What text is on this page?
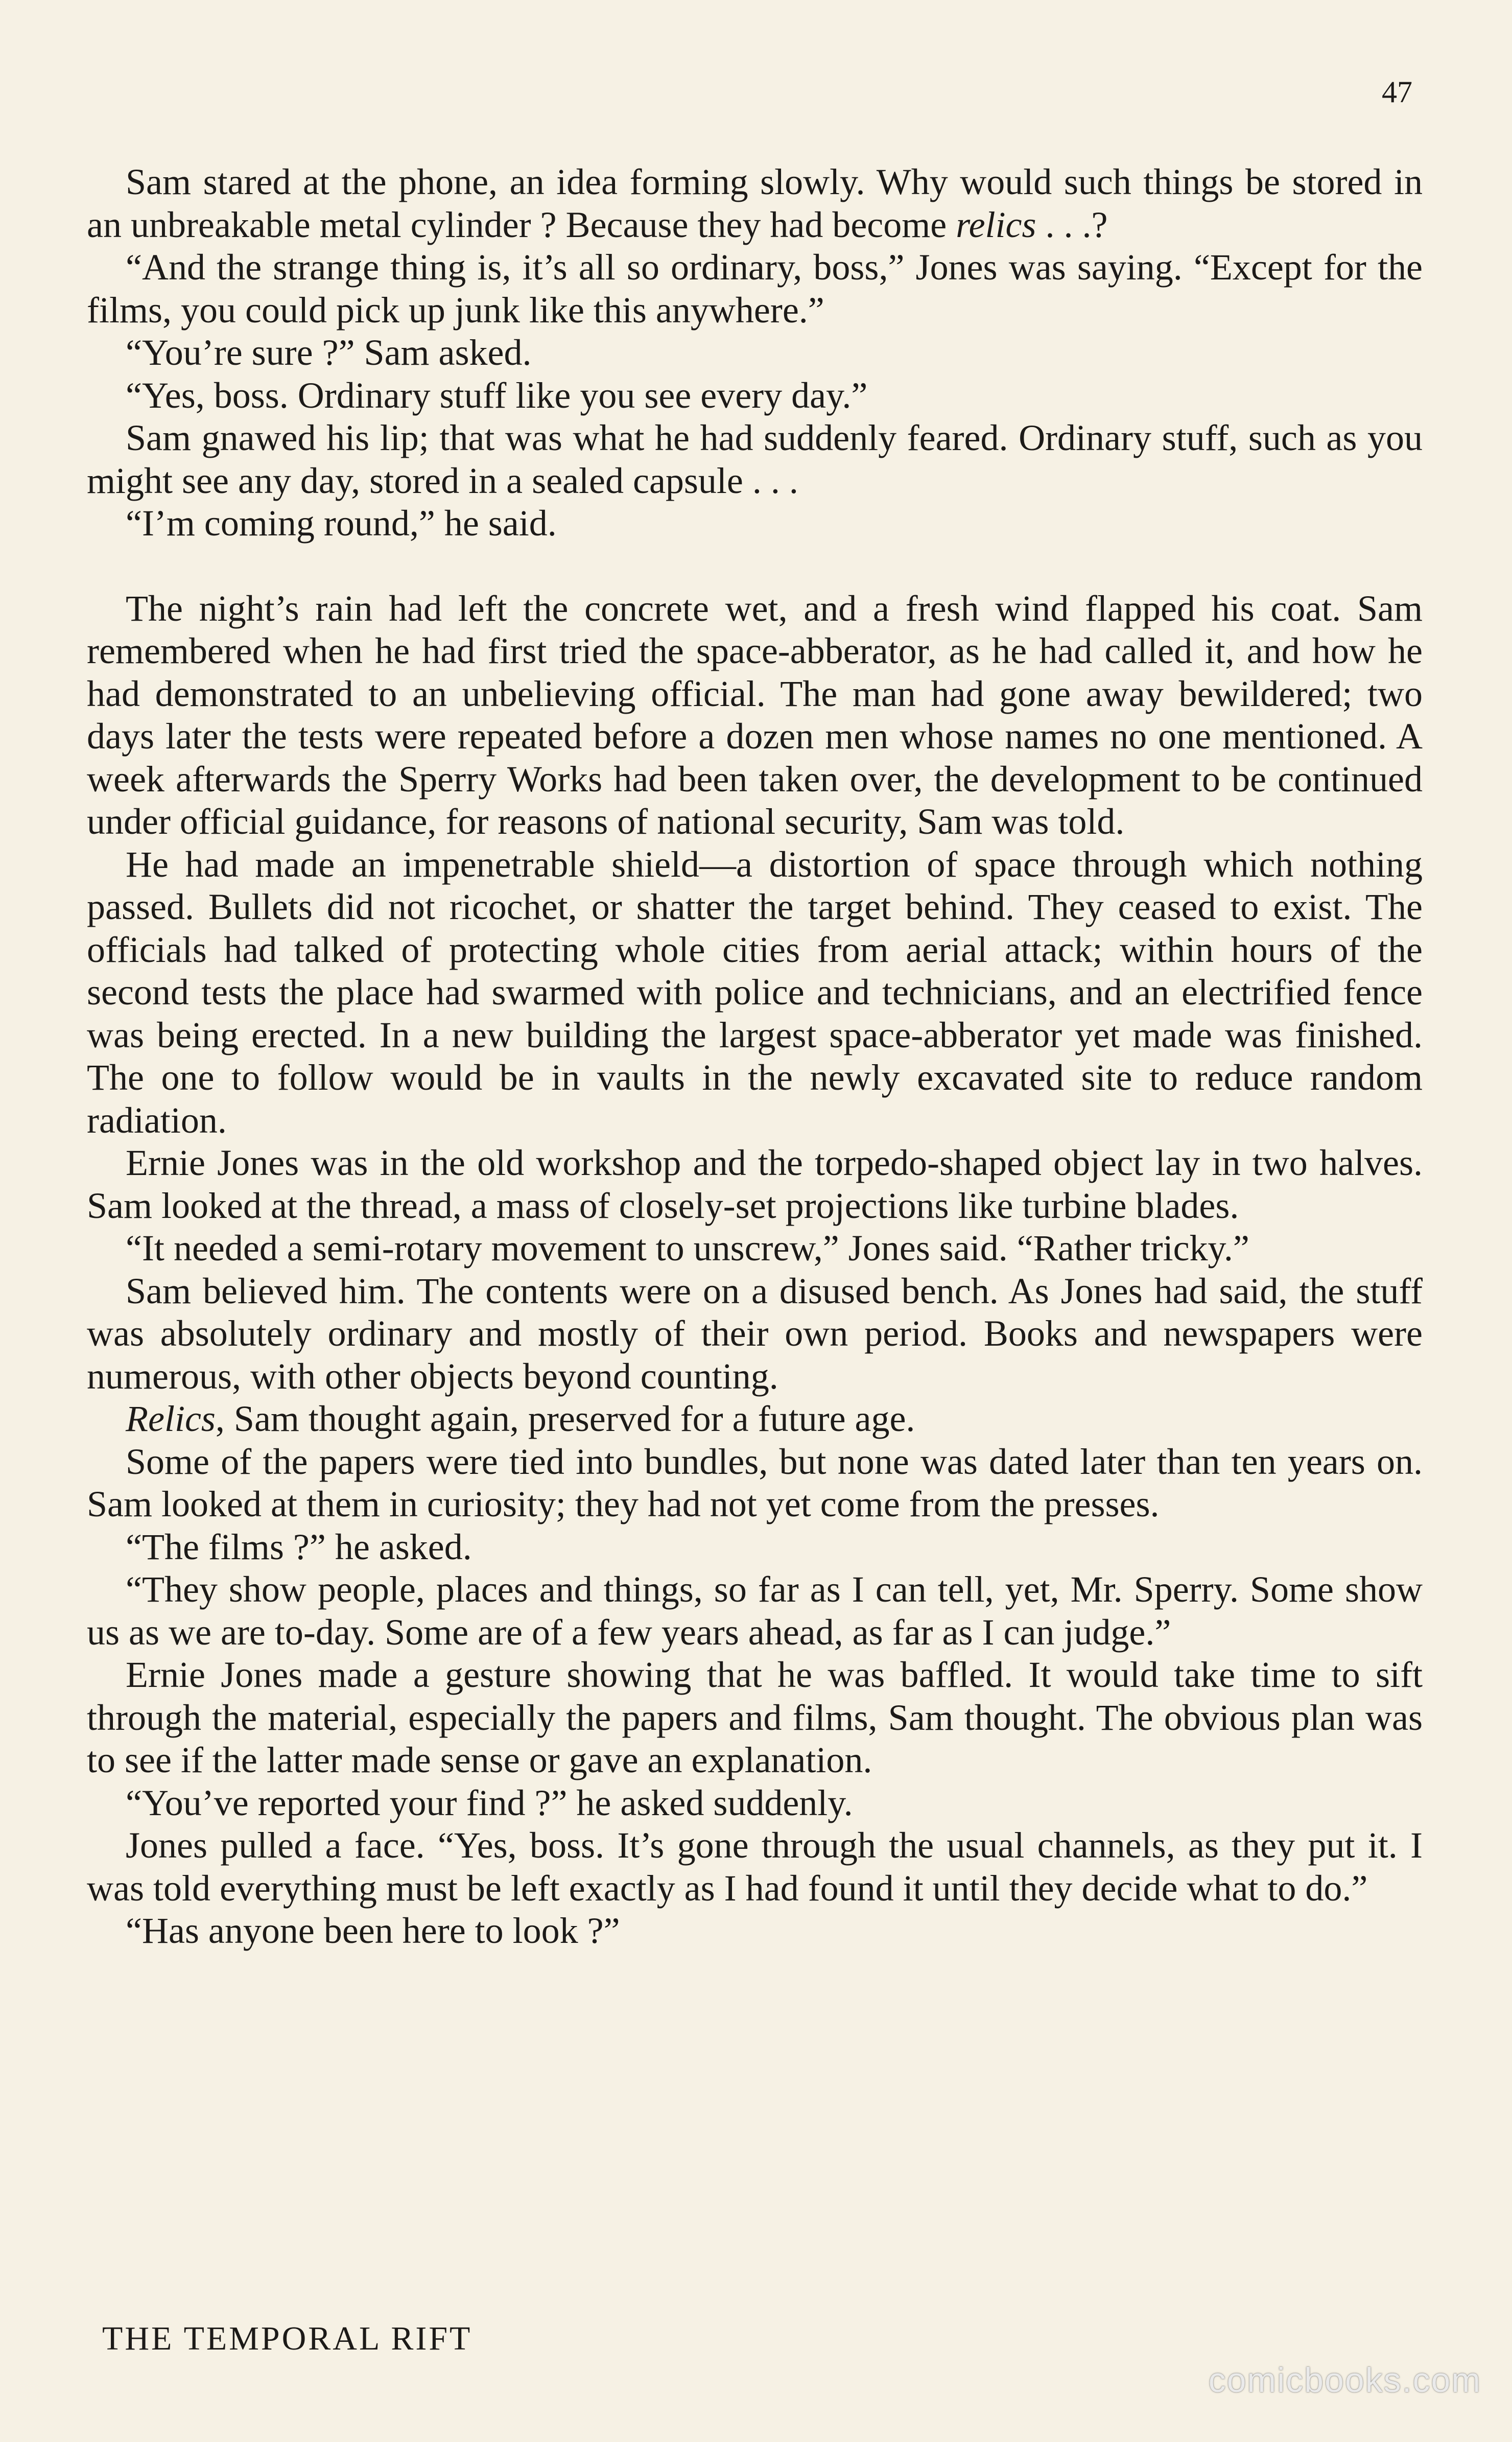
47

Sam stared at the phone, an idea forming slowly. Why would such things be stored in an unbreakable metal cylinder ? Because they had become relics . . .?

“And the strange thing is, it’s all so ordinary, boss,” Jones was saying. “Except for the films, you could pick up junk like this anywhere.”

“You’re sure ?” Sam asked.

“Yes, boss. Ordinary stuff like you see every day.”

Sam gnawed his lip; that was what he had suddenly feared. Ordinary stuff, such as you might see any day, stored in a sealed capsule . . .

“I’m coming round,” he said.

The night’s rain had left the concrete wet, and a fresh wind flapped his coat. Sam remembered when he had first tried the space-abberator, as he had called it, and how he had demonstrated to an unbelieving official. The man had gone away bewildered; two days later the tests were repeated before a dozen men whose names no one mentioned. A week afterwards the Sperry Works had been taken over, the development to be continued under official guidance, for reasons of national security, Sam was told.

He had made an impenetrable shield—a distortion of space through which nothing passed. Bullets did not ricochet, or shatter the target behind. They ceased to exist. The officials had talked of protecting whole cities from aerial attack; within hours of the second tests the place had swarmed with police and technicians, and an electrified fence was being erected. In a new building the largest space-abberator yet made was finished. The one to follow would be in vaults in the newly excavated site to reduce random radiation.

Ernie Jones was in the old workshop and the torpedo-shaped object lay in two halves. Sam looked at the thread, a mass of closely-set projections like turbine blades.

“It needed a semi-rotary movement to unscrew,” Jones said. “Rather tricky.”

Sam believed him. The contents were on a disused bench. As Jones had said, the stuff was absolutely ordinary and mostly of their own period. Books and newspapers were numerous, with other objects beyond counting.

Relics, Sam thought again, preserved for a future age.

Some of the papers were tied into bundles, but none was dated later than ten years on. Sam looked at them in curiosity; they had not yet come from the presses.

“The films ?” he asked.

“They show people, places and things, so far as I can tell, yet, Mr. Sperry. Some show us as we are to-day. Some are of a few years ahead, as far as I can judge.”

Ernie Jones made a gesture showing that he was baffled. It would take time to sift through the material, especially the papers and films, Sam thought. The obvious plan was to see if the latter made sense or gave an explanation.

“You’ve reported your find ?” he asked suddenly.

Jones pulled a face. “Yes, boss. It’s gone through the usual channels, as they put it. I was told everything must be left exactly as I had found it until they decide what to do.”

“Has anyone been here to look ?”

THE TEMPORAL RIFT
comicbooks.com
